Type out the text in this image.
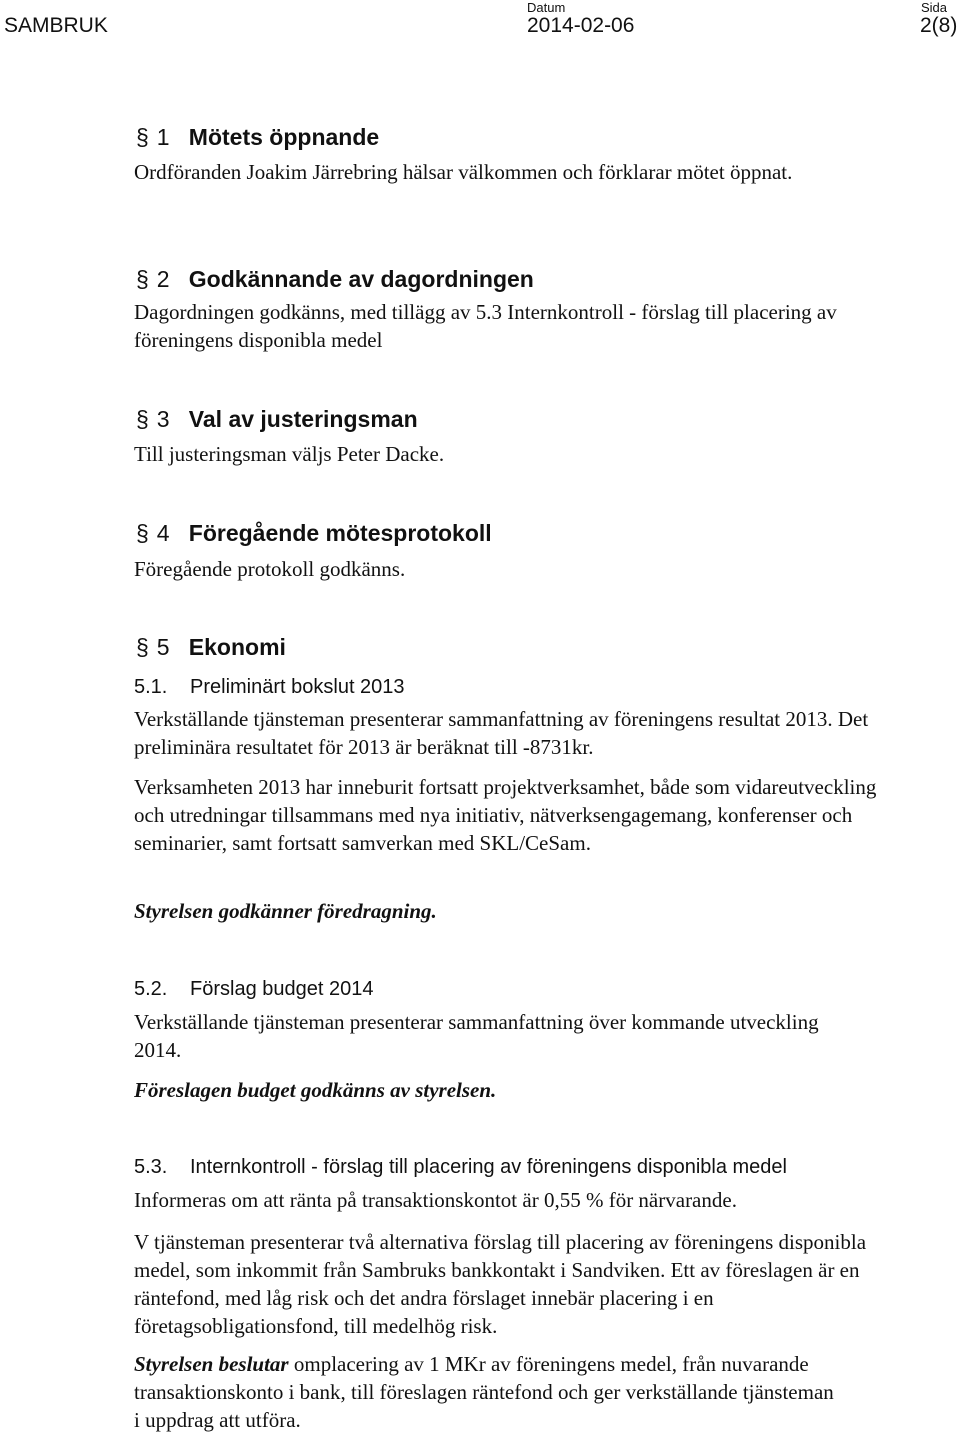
SAMBRUK
Datum
2014-02-06
Sida
2(8)
§ 1 Mötets öppnande
Ordföranden Joakim Järrebring hälsar välkommen och förklarar mötet öppnat.
§ 2 Godkännande av dagordningen
Dagordningen godkänns, med tillägg av 5.3 Internkontroll - förslag till placering av föreningens disponibla medel
§ 3 Val av justeringsman
Till justeringsman väljs Peter Dacke.
§ 4 Föregående mötesprotokoll
Föregående protokoll godkänns.
§ 5 Ekonomi
5.1. Preliminärt bokslut 2013
Verkställande tjänsteman presenterar sammanfattning av föreningens resultat 2013. Det preliminära resultatet för 2013 är beräknat till -8731kr.
Verksamheten 2013 har inneburit fortsatt projektverksamhet, både som vidareutveckling och utredningar tillsammans med nya initiativ, nätverksengagemang, konferenser och seminarier, samt fortsatt samverkan med SKL/CeSam.
Styrelsen godkänner föredragning.
5.2. Förslag budget 2014
Verkställande tjänsteman presenterar sammanfattning över kommande utveckling 2014.
Föreslagen budget godkänns av styrelsen.
5.3. Internkontroll - förslag till placering av föreningens disponibla medel
Informeras om att ränta på transaktionskontot är 0,55 % för närvarande.
V tjänsteman presenterar två alternativa förslag till placering av föreningens disponibla medel, som inkommit från Sambruks bankkontakt i Sandviken. Ett av föreslagen är en räntefond, med låg risk och det andra förslaget innebär placering i en företagsobligationsfond, till medelhög risk.
Styrelsen beslutar omplacering av 1 MKr av föreningens medel, från nuvarande transaktionskonto i bank, till föreslagen räntefond och ger verkställande tjänsteman i uppdrag att utföra.
